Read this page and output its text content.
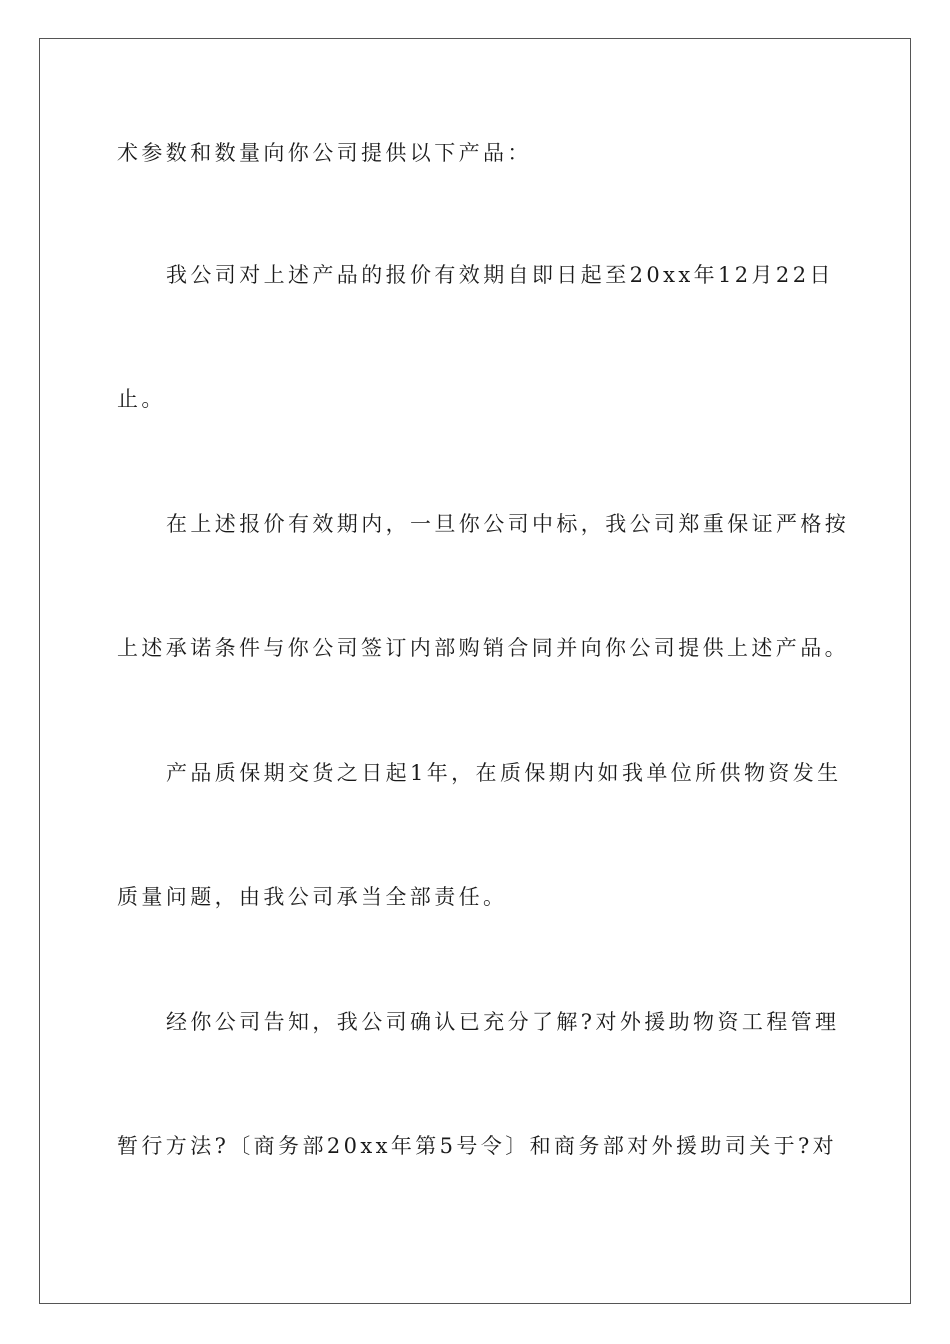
术参数和数量向你公司提供以下产品：
我公司对上述产品的报价有效期自即日起至20xx年12月22日
止。
在上述报价有效期内，一旦你公司中标，我公司郑重保证严格按
上述承诺条件与你公司签订内部购销合同并向你公司提供上述产品。
产品质保期交货之日起1年，在质保期内如我单位所供物资发生
质量问题，由我公司承当全部责任。
经你公司告知，我公司确认已充分了解?对外援助物资工程管理
暂行方法?〔商务部20xx年第5号令〕和商务部对外援助司关于?对
